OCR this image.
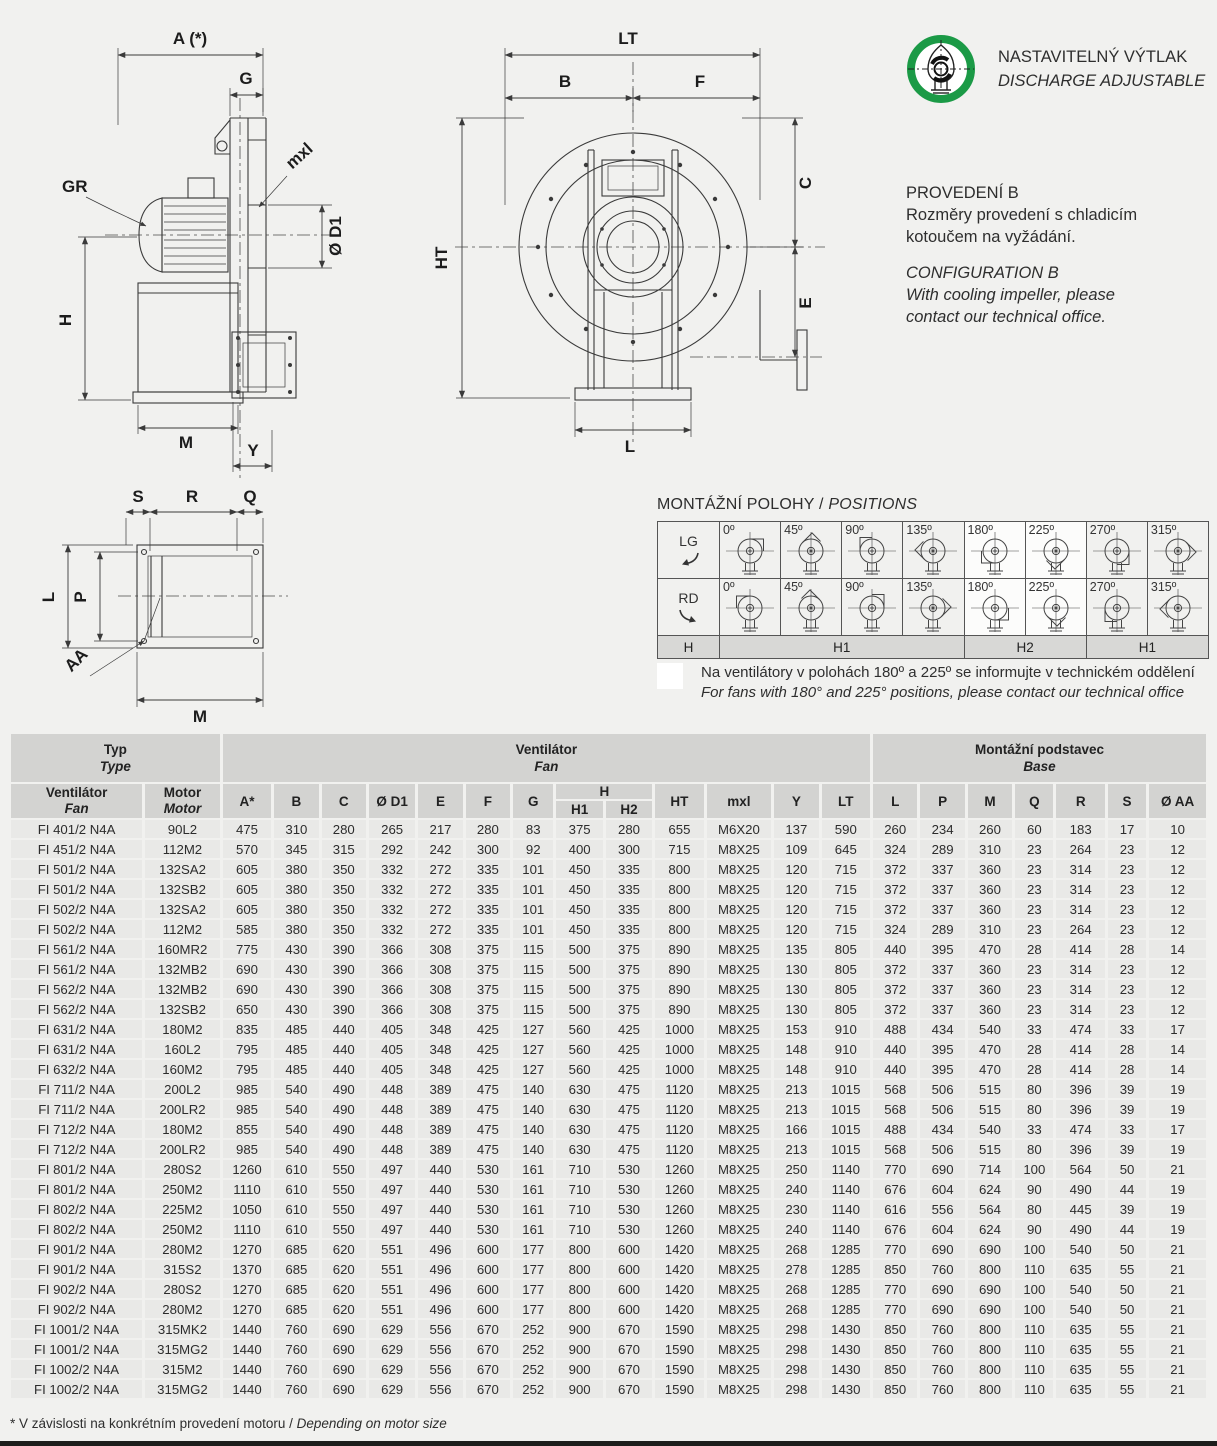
A (*)
G
GR
mxl
Ø D1
H
M	Y
S R	Q
L P
M
AA
LT
B	F
HT
C
E
L
NASTAVITELNÝ VÝTLAK
DISCHARGE ADJUSTABLE
PROVEDENÍ B
Rozměry provedení s chladicím
kotoučem na vyžádání.
CONFIGURATION B
With cooling impeller, please
contact our technical office.
MONTÁŽNÍ POLOHY / POSITIONS
LG
0º	45º	90º	135º	180º	225º	270º	315º
RD
0º	45º	90º	135º	180º	225º	270º	315º
H	H1	H2	H1
Na ventilátory v polohách 180º a 225º se informujte v technickém oddělení
For fans with 180° and 225° positions, please contact our technical office
Typ
Type

Ventilátor
Fan

Montážní podstavec
Base

Ventilátor
Fan

Motor
Motor	A*	B	C	Ø D1	E	F	G	H	HT	mxl	Y	LT	L	P	M	Q	R	S	Ø AA
									H1	H2											
FI 401/2 N4A	90L2	475	310	280	265	217	280	83	375	280	655	M6X20	137	590	260	234	260	60	183	17	10
FI 451/2 N4A	112M2	570	345	315	292	242	300	92	400	300	715	M8X25	109	645	324	289	310	23	264	23	12
FI 501/2 N4A	132SA2	605	380	350	332	272	335	101	450	335	800	M8X25	120	715	372	337	360	23	314	23	12
FI 501/2 N4A	132SB2	605	380	350	332	272	335	101	450	335	800	M8X25	120	715	372	337	360	23	314	23	12
FI 502/2 N4A	132SA2	605	380	350	332	272	335	101	450	335	800	M8X25	120	715	372	337	360	23	314	23	12
FI 502/2 N4A	112M2	585	380	350	332	272	335	101	450	335	800	M8X25	120	715	324	289	310	23	264	23	12
FI 561/2 N4A	160MR2	775	430	390	366	308	375	115	500	375	890	M8X25	135	805	440	395	470	28	414	28	14
FI 561/2 N4A	132MB2	690	430	390	366	308	375	115	500	375	890	M8X25	130	805	372	337	360	23	314	23	12
FI 562/2 N4A	132MB2	690	430	390	366	308	375	115	500	375	890	M8X25	130	805	372	337	360	23	314	23	12
FI 562/2 N4A	132SB2	650	430	390	366	308	375	115	500	375	890	M8X25	130	805	372	337	360	23	314	23	12
FI 631/2 N4A	180M2	835	485	440	405	348	425	127	560	425	1000	M8X25	153	910	488	434	540	33	474	33	17
FI 631/2 N4A	160L2	795	485	440	405	348	425	127	560	425	1000	M8X25	148	910	440	395	470	28	414	28	14
FI 632/2 N4A	160M2	795	485	440	405	348	425	127	560	425	1000	M8X25	148	910	440	395	470	28	414	28	14
FI 711/2 N4A	200L2	985	540	490	448	389	475	140	630	475	1120	M8X25	213	1015	568	506	515	80	396	39	19
FI 711/2 N4A	200LR2	985	540	490	448	389	475	140	630	475	1120	M8X25	213	1015	568	506	515	80	396	39	19
FI 712/2 N4A	180M2	855	540	490	448	389	475	140	630	475	1120	M8X25	166	1015	488	434	540	33	474	33	17
FI 712/2 N4A	200LR2	985	540	490	448	389	475	140	630	475	1120	M8X25	213	1015	568	506	515	80	396	39	19
FI 801/2 N4A	280S2	1260	610	550	497	440	530	161	710	530	1260	M8X25	250	1140	770	690	714	100	564	50	21
FI 801/2 N4A	250M2	1110	610	550	497	440	530	161	710	530	1260	M8X25	240	1140	676	604	624	90	490	44	19
FI 802/2 N4A	225M2	1050	610	550	497	440	530	161	710	530	1260	M8X25	230	1140	616	556	564	80	445	39	19
FI 802/2 N4A	250M2	1110	610	550	497	440	530	161	710	530	1260	M8X25	240	1140	676	604	624	90	490	44	19
FI 901/2 N4A	280M2	1270	685	620	551	496	600	177	800	600	1420	M8X25	268	1285	770	690	690	100	540	50	21
FI 901/2 N4A	315S2	1370	685	620	551	496	600	177	800	600	1420	M8X25	278	1285	850	760	800	110	635	55	21
FI 902/2 N4A	280S2	1270	685	620	551	496	600	177	800	600	1420	M8X25	268	1285	770	690	690	100	540	50	21
FI 902/2 N4A	280M2	1270	685	620	551	496	600	177	800	600	1420	M8X25	268	1285	770	690	690	100	540	50	21
FI 1001/2 N4A	315MK2	1440	760	690	629	556	670	252	900	670	1590	M8X25	298	1430	850	760	800	110	635	55	21
FI 1001/2 N4A	315MG2	1440	760	690	629	556	670	252	900	670	1590	M8X25	298	1430	850	760	800	110	635	55	21
FI 1002/2 N4A	315M2	1440	760	690	629	556	670	252	900	670	1590	M8X25	298	1430	850	760	800	110	635	55	21
FI 1002/2 N4A	315MG2	1440	760	690	629	556	670	252	900	670	1590	M8X25	298	1430	850	760	800	110	635	55	21
* V závislosti na konkrétním provedení motoru / Depending on motor size
